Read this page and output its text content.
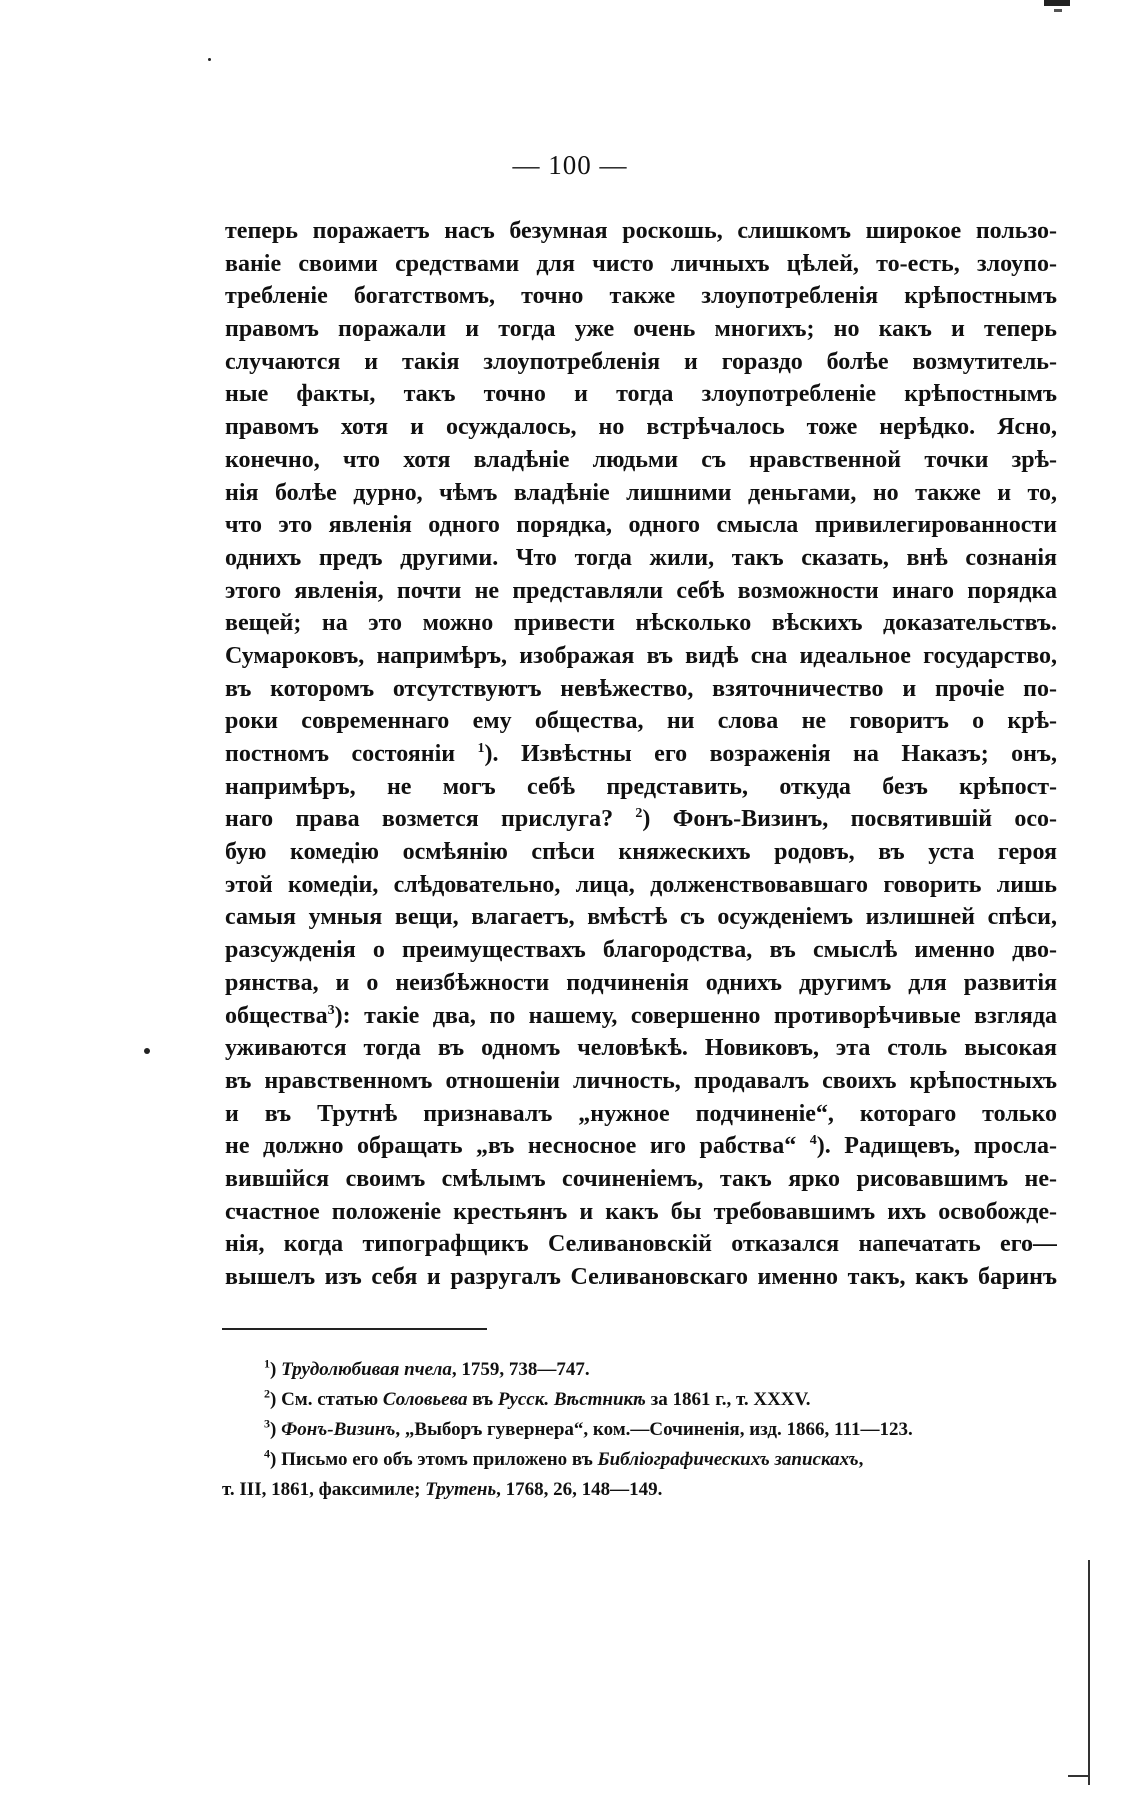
— 100 —
теперь поражаетъ насъ безумная роскошь, слишкомъ широкое пользо-
ваніе своими средствами для чисто личныхъ цѣлей, то-есть, злоупо-
требленіе богатствомъ, точно также злоупотребленія крѣпостнымъ
правомъ поражали и тогда уже очень многихъ; но какъ и теперь
случаются и такія злоупотребленія и гораздо болѣе возмутитель-
ные факты, такъ точно и тогда злоупотребленіе крѣпостнымъ
правомъ хотя и осуждалось, но встрѣчалось тоже нерѣдко. Ясно,
конечно, что хотя владѣніе людьми съ нравственной точки зрѣ-
нія болѣе дурно, чѣмъ владѣніе лишними деньгами, но также и то,
что это явленія одного порядка, одного смысла привилегированности
однихъ предъ другими. Что тогда жили, такъ сказать, внѣ сознанія
этого явленія, почти не представляли себѣ возможности инаго порядка
вещей; на это можно привести нѣсколько вѣскихъ доказательствъ.
Сумароковъ, напримѣръ, изображая въ видѣ сна идеальное государство,
въ которомъ отсутствуютъ невѣжество, взяточничество и прочіе по-
роки современнаго ему общества, ни слова не говоритъ о крѣ-
постномъ состояніи $^1$). Извѣстны его возраженія на Наказъ; онъ,
напримѣръ, не могъ себѣ представить, откуда безъ крѣпост-
наго права возмется прислуга? $^2$) Фонъ-Визинъ, посвятившій осо-
бую комедію осмѣянію спѣси княжескихъ родовъ, въ уста героя
этой комедіи, слѣдовательно, лица, долженствовавшаго говорить лишь
самыя умныя вещи, влагаетъ, вмѣстѣ съ осужденіемъ излишней спѣси,
разсужденія о преимуществахъ благородства, въ смыслѣ именно дво-
рянства, и о неизбѣжности подчиненія однихъ другимъ для развитія
общества$^3$): такіе два, по нашему, совершенно противорѣчивые взгляда
уживаются тогда въ одномъ человѣкѣ. Новиковъ, эта столь высокая
въ нравственномъ отношеніи личность, продавалъ своихъ крѣпостныхъ
и въ Трутнѣ признавалъ „нужное подчиненіе“, котораго только
не должно обращать „въ несносное иго рабства“ $^4$). Радищевъ, просла-
вившійся своимъ смѣлымъ сочиненіемъ, такъ ярко рисовавшимъ не-
счастное положеніе крестьянъ и какъ бы требовавшимъ ихъ освобожде-
нія, когда типографщикъ Селивановскій отказался напечатать его—
вышелъ изъ себя и разругалъ Селивановскаго именно такъ, какъ баринъ
$^1$) Трудолюбивая пчела, 1759, 738—747.
$^2$) См. статью Соловьева въ Русск. Вѣстникѣ за 1861 г., т. XXXV.
$^3$) Фонъ-Визинъ, „Выборъ гувернера“, ком.—Сочиненія, изд. 1866, 111—123.
$^4$) Письмо его объ этомъ приложено въ Библіографическихъ запискахъ,
т. III, 1861, факсимиле; Трутень, 1768, 26, 148—149.
